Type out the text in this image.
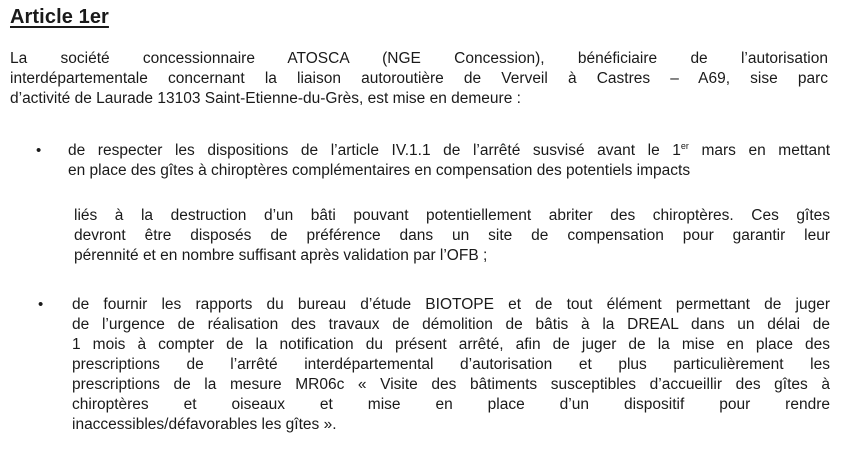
Article 1er

La société concessionnaire ATOSCA (NGE Concession), bénéficiaire de l’autorisation

interdépartementale concernant la liaison autoroutière de Verveil à Castres – A69, sise parc

d’activité de Laurade 13103 Saint-Etienne-du-Grès, est mise en demeure :

• de respecter les dispositions de l’article IV.1.1 de l’arrêté susvisé avant le 1er mars en mettant

en place des gîtes à chiroptères complémentaires en compensation des potentiels impacts

liés à la destruction d’un bâti pouvant potentiellement abriter des chiroptères. Ces gîtes

devront être disposés de préférence dans un site de compensation pour garantir leur

pérennité et en nombre suffisant après validation par l’OFB ;

• de fournir les rapports du bureau d’étude BIOTOPE et de tout élément permettant de juger

de l’urgence de réalisation des travaux de démolition de bâtis à la DREAL dans un délai de

1 mois à compter de la notification du présent arrêté, afin de juger de la mise en place des

prescriptions de l’arrêté interdépartemental d’autorisation et plus particulièrement les

prescriptions de la mesure MR06c « Visite des bâtiments susceptibles d’accueillir des gîtes à

chiroptères et oiseaux et mise en place d’un dispositif pour rendre

inaccessibles/défavorables les gîtes ».
